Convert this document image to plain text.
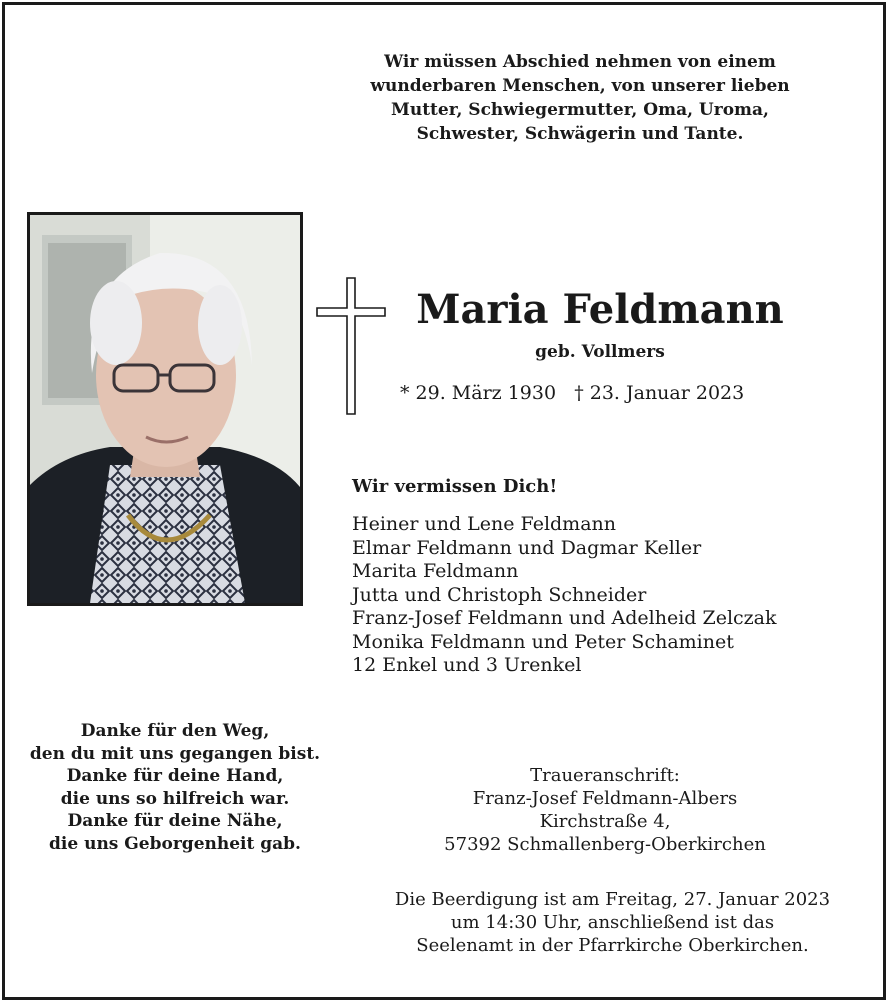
Wir müssen Abschied nehmen von einem
wunderbaren Menschen, von unserer lieben
Mutter, Schwiegermutter, Oma, Uroma,
Schwester, Schwägerin und Tante.
Maria Feldmann
geb. Vollmers
* 29. März 1930 † 23. Januar 2023
Wir vermissen Dich!
Heiner und Lene Feldmann
Elmar Feldmann und Dagmar Keller
Marita Feldmann
Jutta und Christoph Schneider
Franz-Josef Feldmann und Adelheid Zelczak
Monika Feldmann und Peter Schaminet
12 Enkel und 3 Urenkel
Danke für den Weg,
den du mit uns gegangen bist.
Danke für deine Hand,
die uns so hilfreich war.
Danke für deine Nähe,
die uns Geborgenheit gab.
Traueranschrift:
Franz-Josef Feldmann-Albers
Kirchstraße 4,
57392 Schmallenberg-Oberkirchen
Die Beerdigung ist am Freitag, 27. Januar 2023
um 14:30 Uhr, anschließend ist das
Seelenamt in der Pfarrkirche Oberkirchen.
